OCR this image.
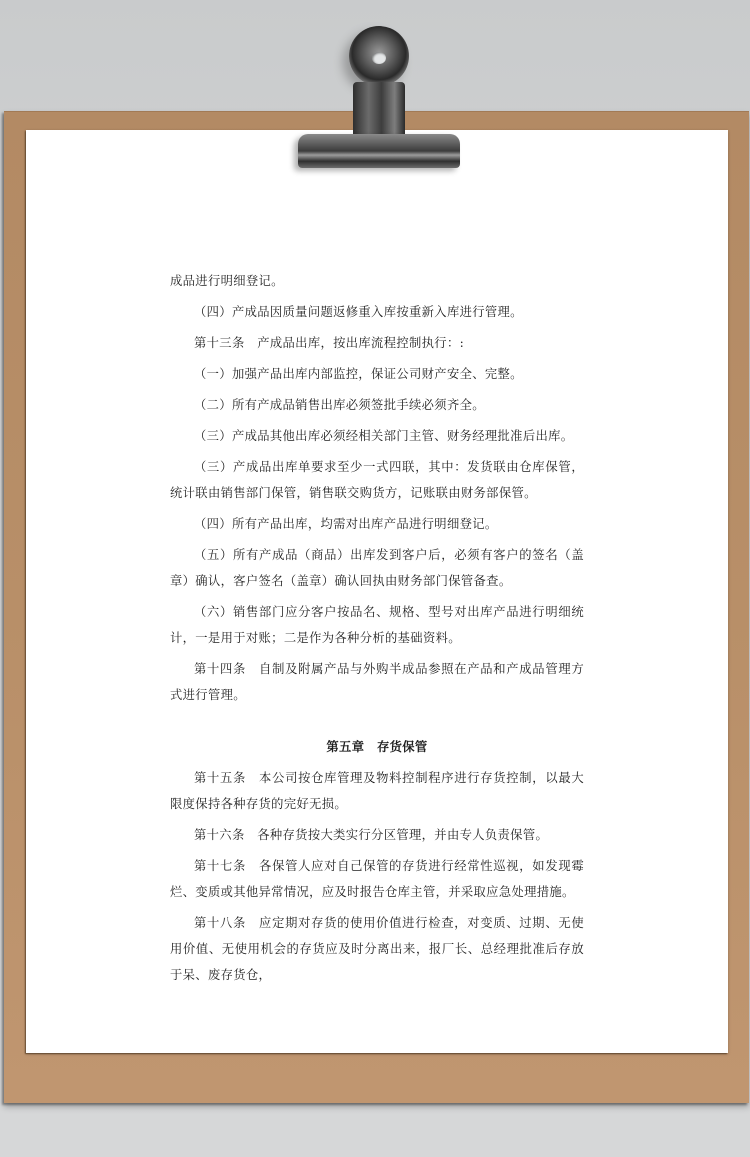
成品进行明细登记。

（四）产成品因质量问题返修重入库按重新入库进行管理。

第十三条　产成品出库，按出库流程控制执行：:

（一）加强产品出库内部监控，保证公司财产安全、完整。

（二）所有产成品销售出库必须签批手续必须齐全。

（三）产成品其他出库必须经相关部门主管、财务经理批准后出库。

（三）产成品出库单要求至少一式四联，其中：发货联由仓库保管，统计联由销售部门保管，销售联交购货方，记账联由财务部保管。

（四）所有产品出库，均需对出库产品进行明细登记。

（五）所有产成品（商品）出库发到客户后，必须有客户的签名（盖章）确认，客户签名（盖章）确认回执由财务部门保管备查。

（六）销售部门应分客户按品名、规格、型号对出库产品进行明细统计，一是用于对账；二是作为各种分析的基础资料。

第十四条　自制及附属产品与外购半成品参照在产品和产成品管理方式进行管理。

第五章　存货保管

第十五条　本公司按仓库管理及物料控制程序进行存货控制，以最大限度保持各种存货的完好无损。

第十六条　各种存货按大类实行分区管理，并由专人负责保管。

第十七条　各保管人应对自己保管的存货进行经常性巡视，如发现霉烂、变质或其他异常情况，应及时报告仓库主管，并采取应急处理措施。

第十八条　应定期对存货的使用价值进行检查，对变质、过期、无使用价值、无使用机会的存货应及时分离出来，报厂长、总经理批准后存放于呆、废存货仓，
